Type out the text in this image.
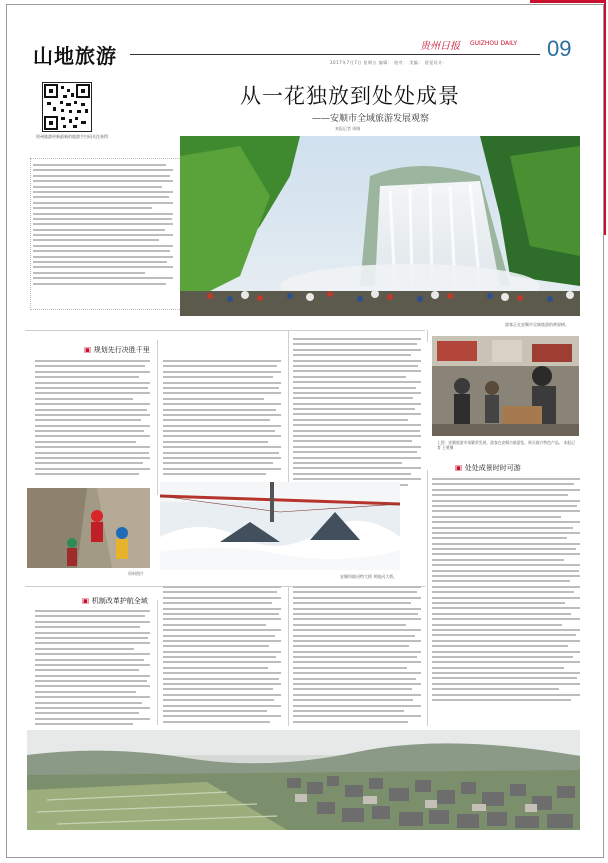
山地旅游	贵州日报 GUIZHOU DAILY 09
2017年7月7日 星期五 编辑： 校对： 美编： 视觉设计：
贵州旅游更新最新的旅游手扫码关注获得
从一花独放到处处成景
——安顺市全域旅游发展观察
本报记者 周晓
游客正在安顺市全域旅游的黄果树。
▣ 规划先行决胜千里
上图：安顺旅游市场繁荣发展，游客在安顺古镇游览，购买地方特色产品。 本报记者 王勇摄
▣ 处处成景时时可游
资料图片
安顺坝陵河特大桥 坝陵河大桥。
▣ 机制改革护航全域
